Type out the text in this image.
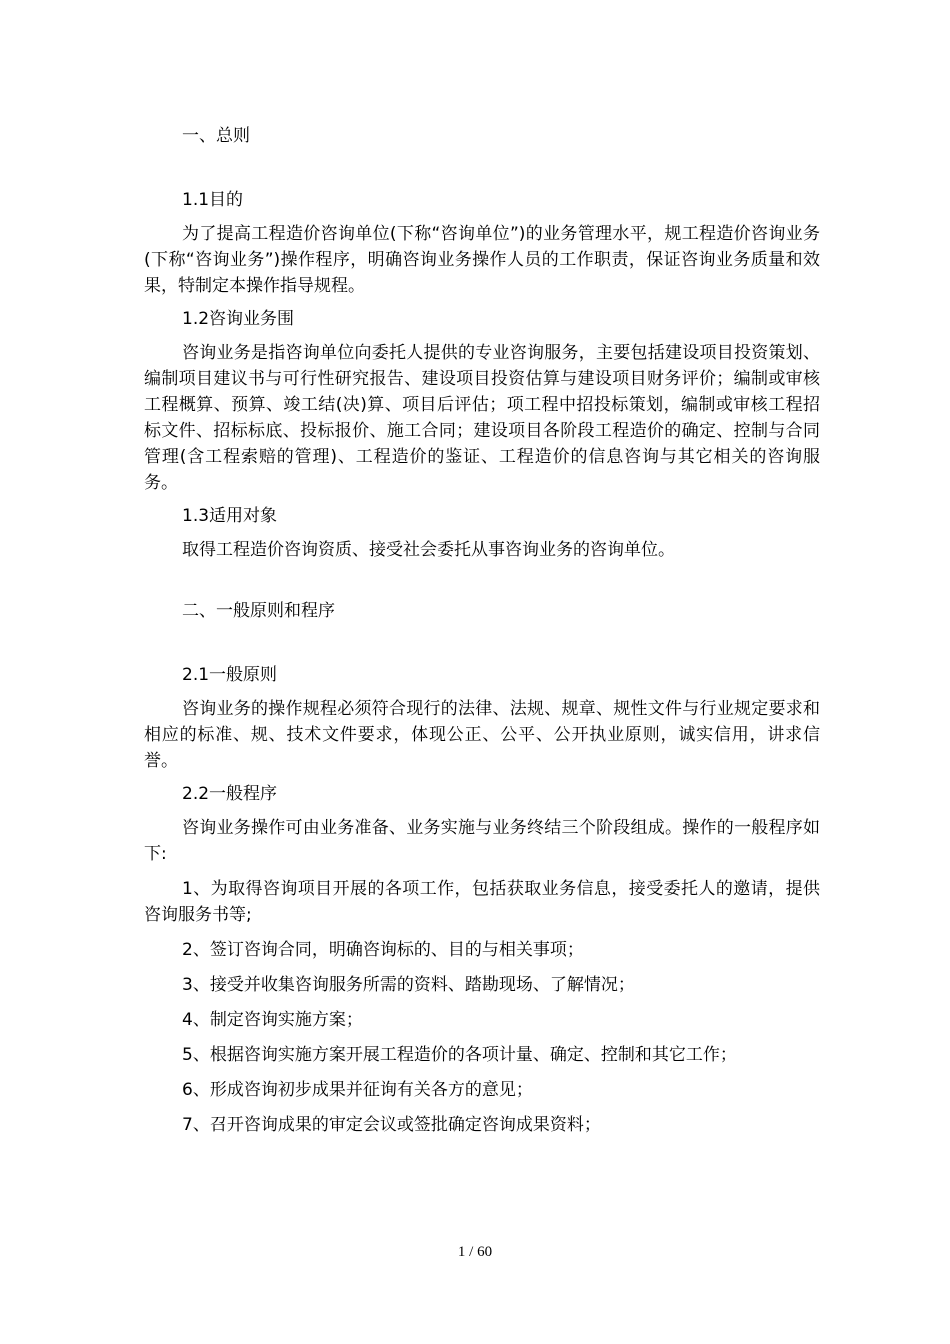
一、总则

1.1目的

为了提高工程造价咨询单位(下称“咨询单位”)的业务管理水平，规工程造价咨询业务(下称“咨询业务”)操作程序，明确咨询业务操作人员的工作职责，保证咨询业务质量和效果，特制定本操作指导规程。

1.2咨询业务围

咨询业务是指咨询单位向委托人提供的专业咨询服务，主要包括建设项目投资策划、编制项目建议书与可行性研究报告、建设项目投资估算与建设项目财务评价；编制或审核工程概算、预算、竣工结(决)算、项目后评估；项工程中招投标策划，编制或审核工程招标文件、招标标底、投标报价、施工合同；建设项目各阶段工程造价的确定、控制与合同管理(含工程索赔的管理)、工程造价的鉴证、工程造价的信息咨询与其它相关的咨询服务。

1.3适用对象

取得工程造价咨询资质、接受社会委托从事咨询业务的咨询单位。

二、一般原则和程序

2.1一般原则

咨询业务的操作规程必须符合现行的法律、法规、规章、规性文件与行业规定要求和相应的标准、规、技术文件要求，体现公正、公平、公开执业原则，诚实信用，讲求信誉。

2.2一般程序

咨询业务操作可由业务准备、业务实施与业务终结三个阶段组成。操作的一般程序如下:

1、为取得咨询项目开展的各项工作，包括获取业务信息，接受委托人的邀请，提供咨询服务书等;

2、签订咨询合同，明确咨询标的、目的与相关事项；

3、接受并收集咨询服务所需的资料、踏勘现场、了解情况；

4、制定咨询实施方案；

5、根据咨询实施方案开展工程造价的各项计量、确定、控制和其它工作；

6、形成咨询初步成果并征询有关各方的意见；

7、召开咨询成果的审定会议或签批确定咨询成果资料；

1 / 60
